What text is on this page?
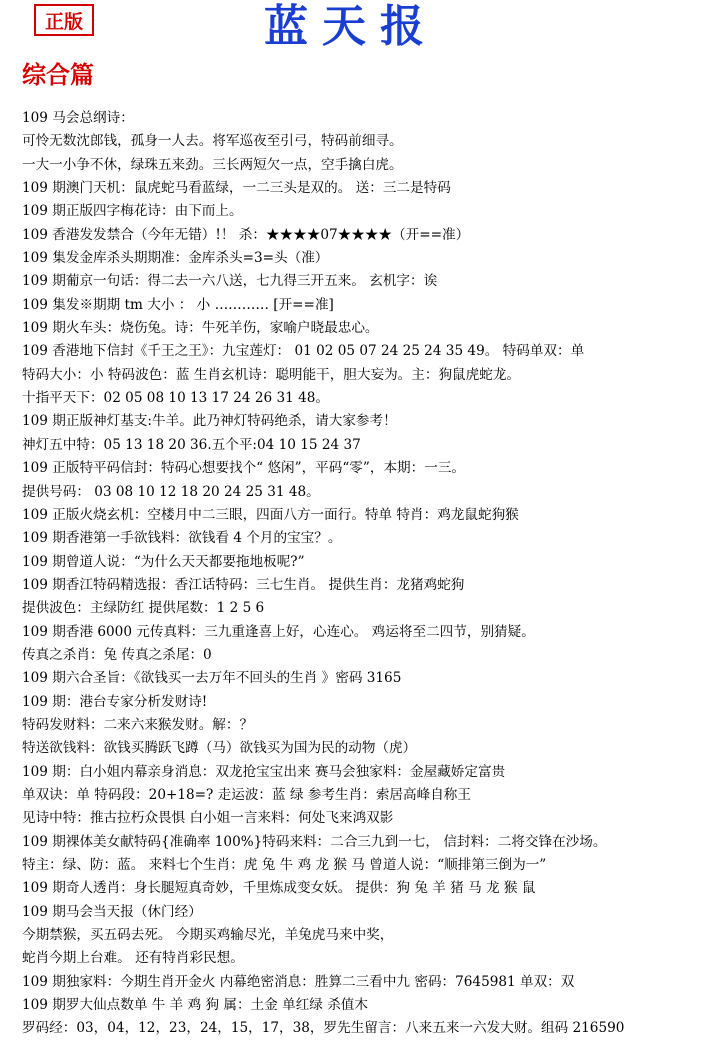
正版	蓝天报
综合篇
109 马会总纲诗：
可怜无数沈郎钱，孤身一人去。将军巡夜至引弓，特码前细寻。
一大一小争不休，绿珠五来劲。三长两短欠一点，空手擒白虎。
109 期澳门天机：鼠虎蛇马看蓝绿，一二三头是双的。 送：三二是特码
109 期正版四字梅花诗：由下而上。
109 香港发发禁合（今年无错）!！ 杀：★★★★07★★★★（开==准）
109 集发金库杀头期期准：金库杀头=3=头（准）
109 期葡京一句话：得二去一六八送，七九得三开五来。 玄机字：诶
109 集发※期期 tm 大小 ： 小 ………… [开==准]
109 期火车头：烧伤兔。诗：牛死羊伤，家喻户晓最忠心。
109 香港地下信封《千王之王》：九宝莲灯： 01 02 05 07 24 25 24 35 49。 特码单双：单
特码大小：小 特码波色：蓝 生肖玄机诗：聪明能干，胆大妄为。主：狗鼠虎蛇龙。
十指平天下：02 05 08 10 13 17 24 26 31 48。
109 期正版神灯基支:牛羊。此乃神灯特码绝杀，请大家参考！
神灯五中特：05 13 18 20 36.五个平:04 10 15 24 37
109 正版特平码信封：特码心想要找个“ 悠闲”，平码“零”，本期：一三。
提供号码： 03 08 10 12 18 20 24 25 31 48。
109 正版火烧玄机：空楼月中二三眼，四面八方一面行。特单 特肖：鸡龙鼠蛇狗猴
109 期香港第一手欲钱料：欲钱看 4 个月的宝宝？。
109 期曾道人说：“为什么天天都要拖地板呢?”
109 期香江特码精选报：香江话特码：三七生肖。 提供生肖：龙猪鸡蛇狗
提供波色：主绿防红 提供尾数：1 2 5 6
109 期香港 6000 元传真料：三九重逢喜上好，心连心。 鸡运将至二四节，别猜疑。
传真之杀肖：兔 传真之杀尾：0
109 期六合圣旨：《欲钱买一去万年不回头的生肖 》密码 3165
109 期：港台专家分析发财诗!
特码发财料：二来六来猴发财。解：？
特送欲钱料：欲钱买腾跃飞蹲（马）欲钱买为国为民的动物（虎）
109 期：白小姐内幕亲身消息：双龙抢宝宝出来 赛马会独家料：金屋藏娇定富贵
单双诀：单 特码段：20+18=? 走运波：蓝 绿 参考生肖：索居高峰自称王
见诗中特：推古拉朽众畏惧 白小姐一言来料：何处飞来鸿双影
109 期裸体美女献特码{准确率 100%}特码来料：二合三九到一七， 信封料：二将交锋在沙场。
特主：绿、防：蓝。 来料七个生肖：虎 兔 牛 鸡 龙 猴 马 曾道人说：“顺排第三倒为一”
109 期奇人透肖：身长腿短真奇妙，千里炼成变女妖。 提供：狗 兔 羊 猪 马 龙 猴 鼠
109 期马会当天报（休门经）
今期禁猴，买五码去死。 今期买鸡输尽光，羊兔虎马来中奖，
蛇肖今期上台难。 还有特肖彩民想。
109 期独家料：今期生肖开金火 内幕绝密消息：胜算二三看中九 密码：7645981 单双：双
109 期罗大仙点数单 牛 羊 鸡 狗 属：土金 单红绿 杀值木
罗码经：03，04，12，23，24，15，17，38，罗先生留言：八来五来一六发大财。组码 216590
